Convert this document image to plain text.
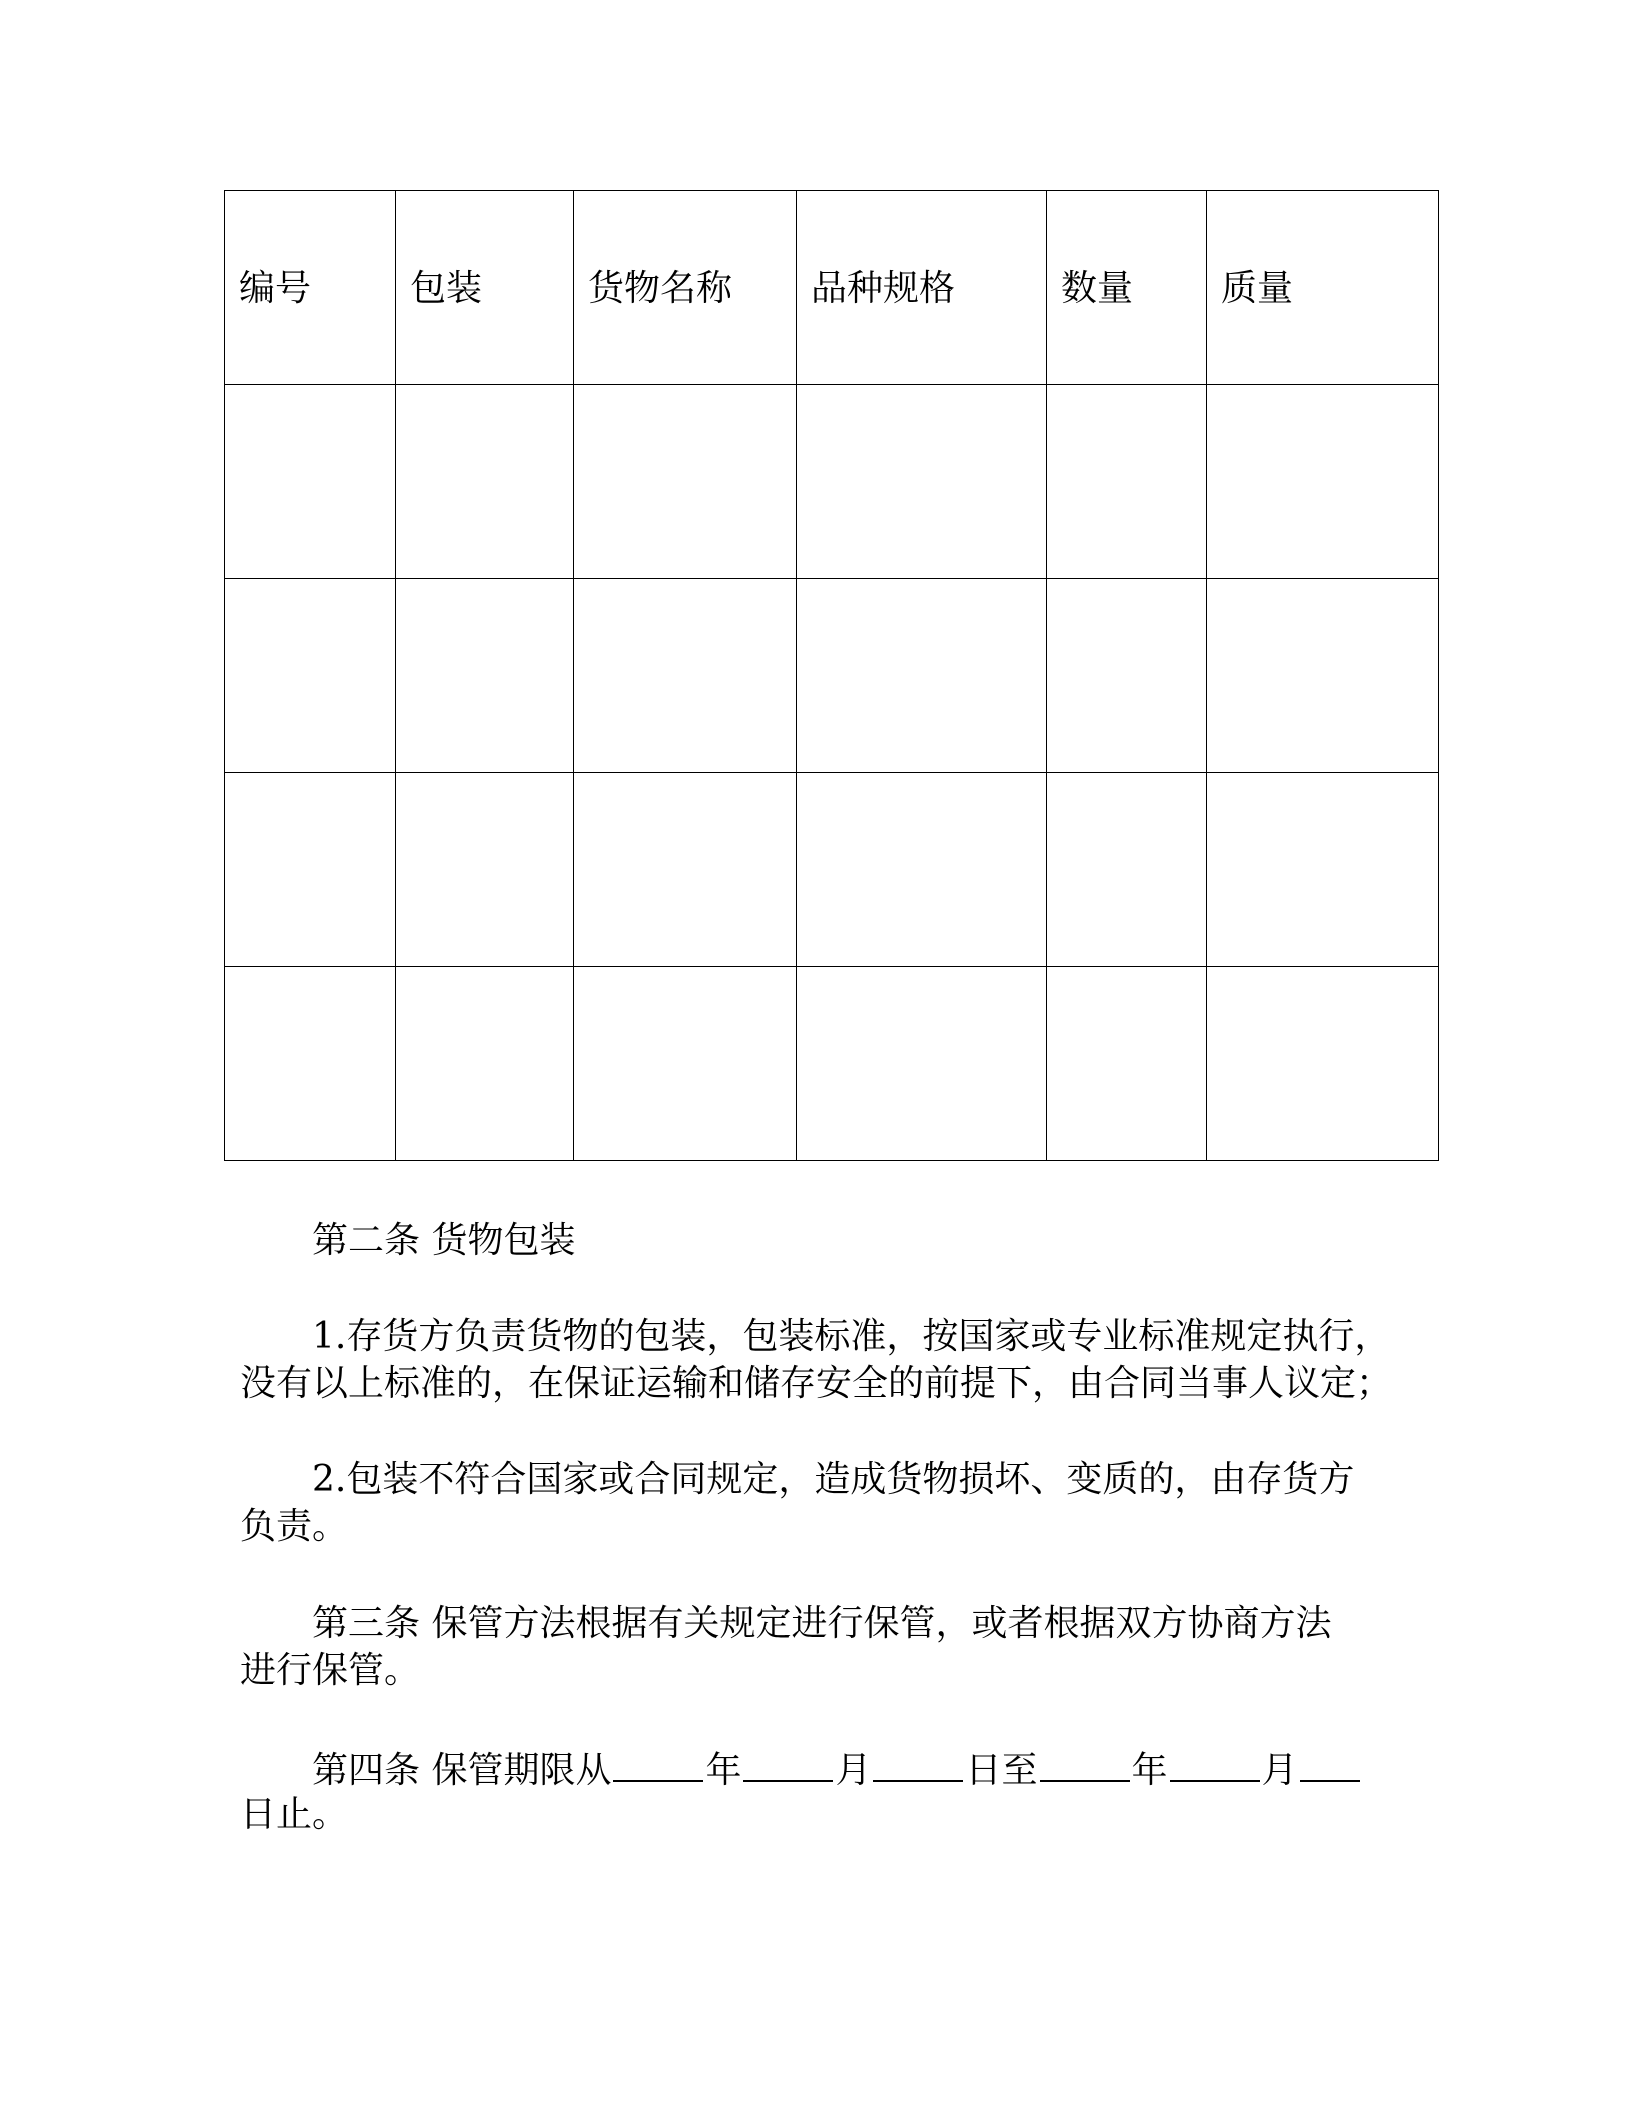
编号	包装	货物名称	品种规格	数量	质量

第二条 货物包装
1.存货方负责货物的包装，包装标准，按国家或专业标准规定执行，
没有以上标准的，在保证运输和储存安全的前提下，由合同当事人议定；
2.包装不符合国家或合同规定，造成货物损坏、变质的，由存货方
负责。
第三条 保管方法根据有关规定进行保管，或者根据双方协商方法
进行保管。
第四条 保管期限从	年	月	日至	年	月
日止。
